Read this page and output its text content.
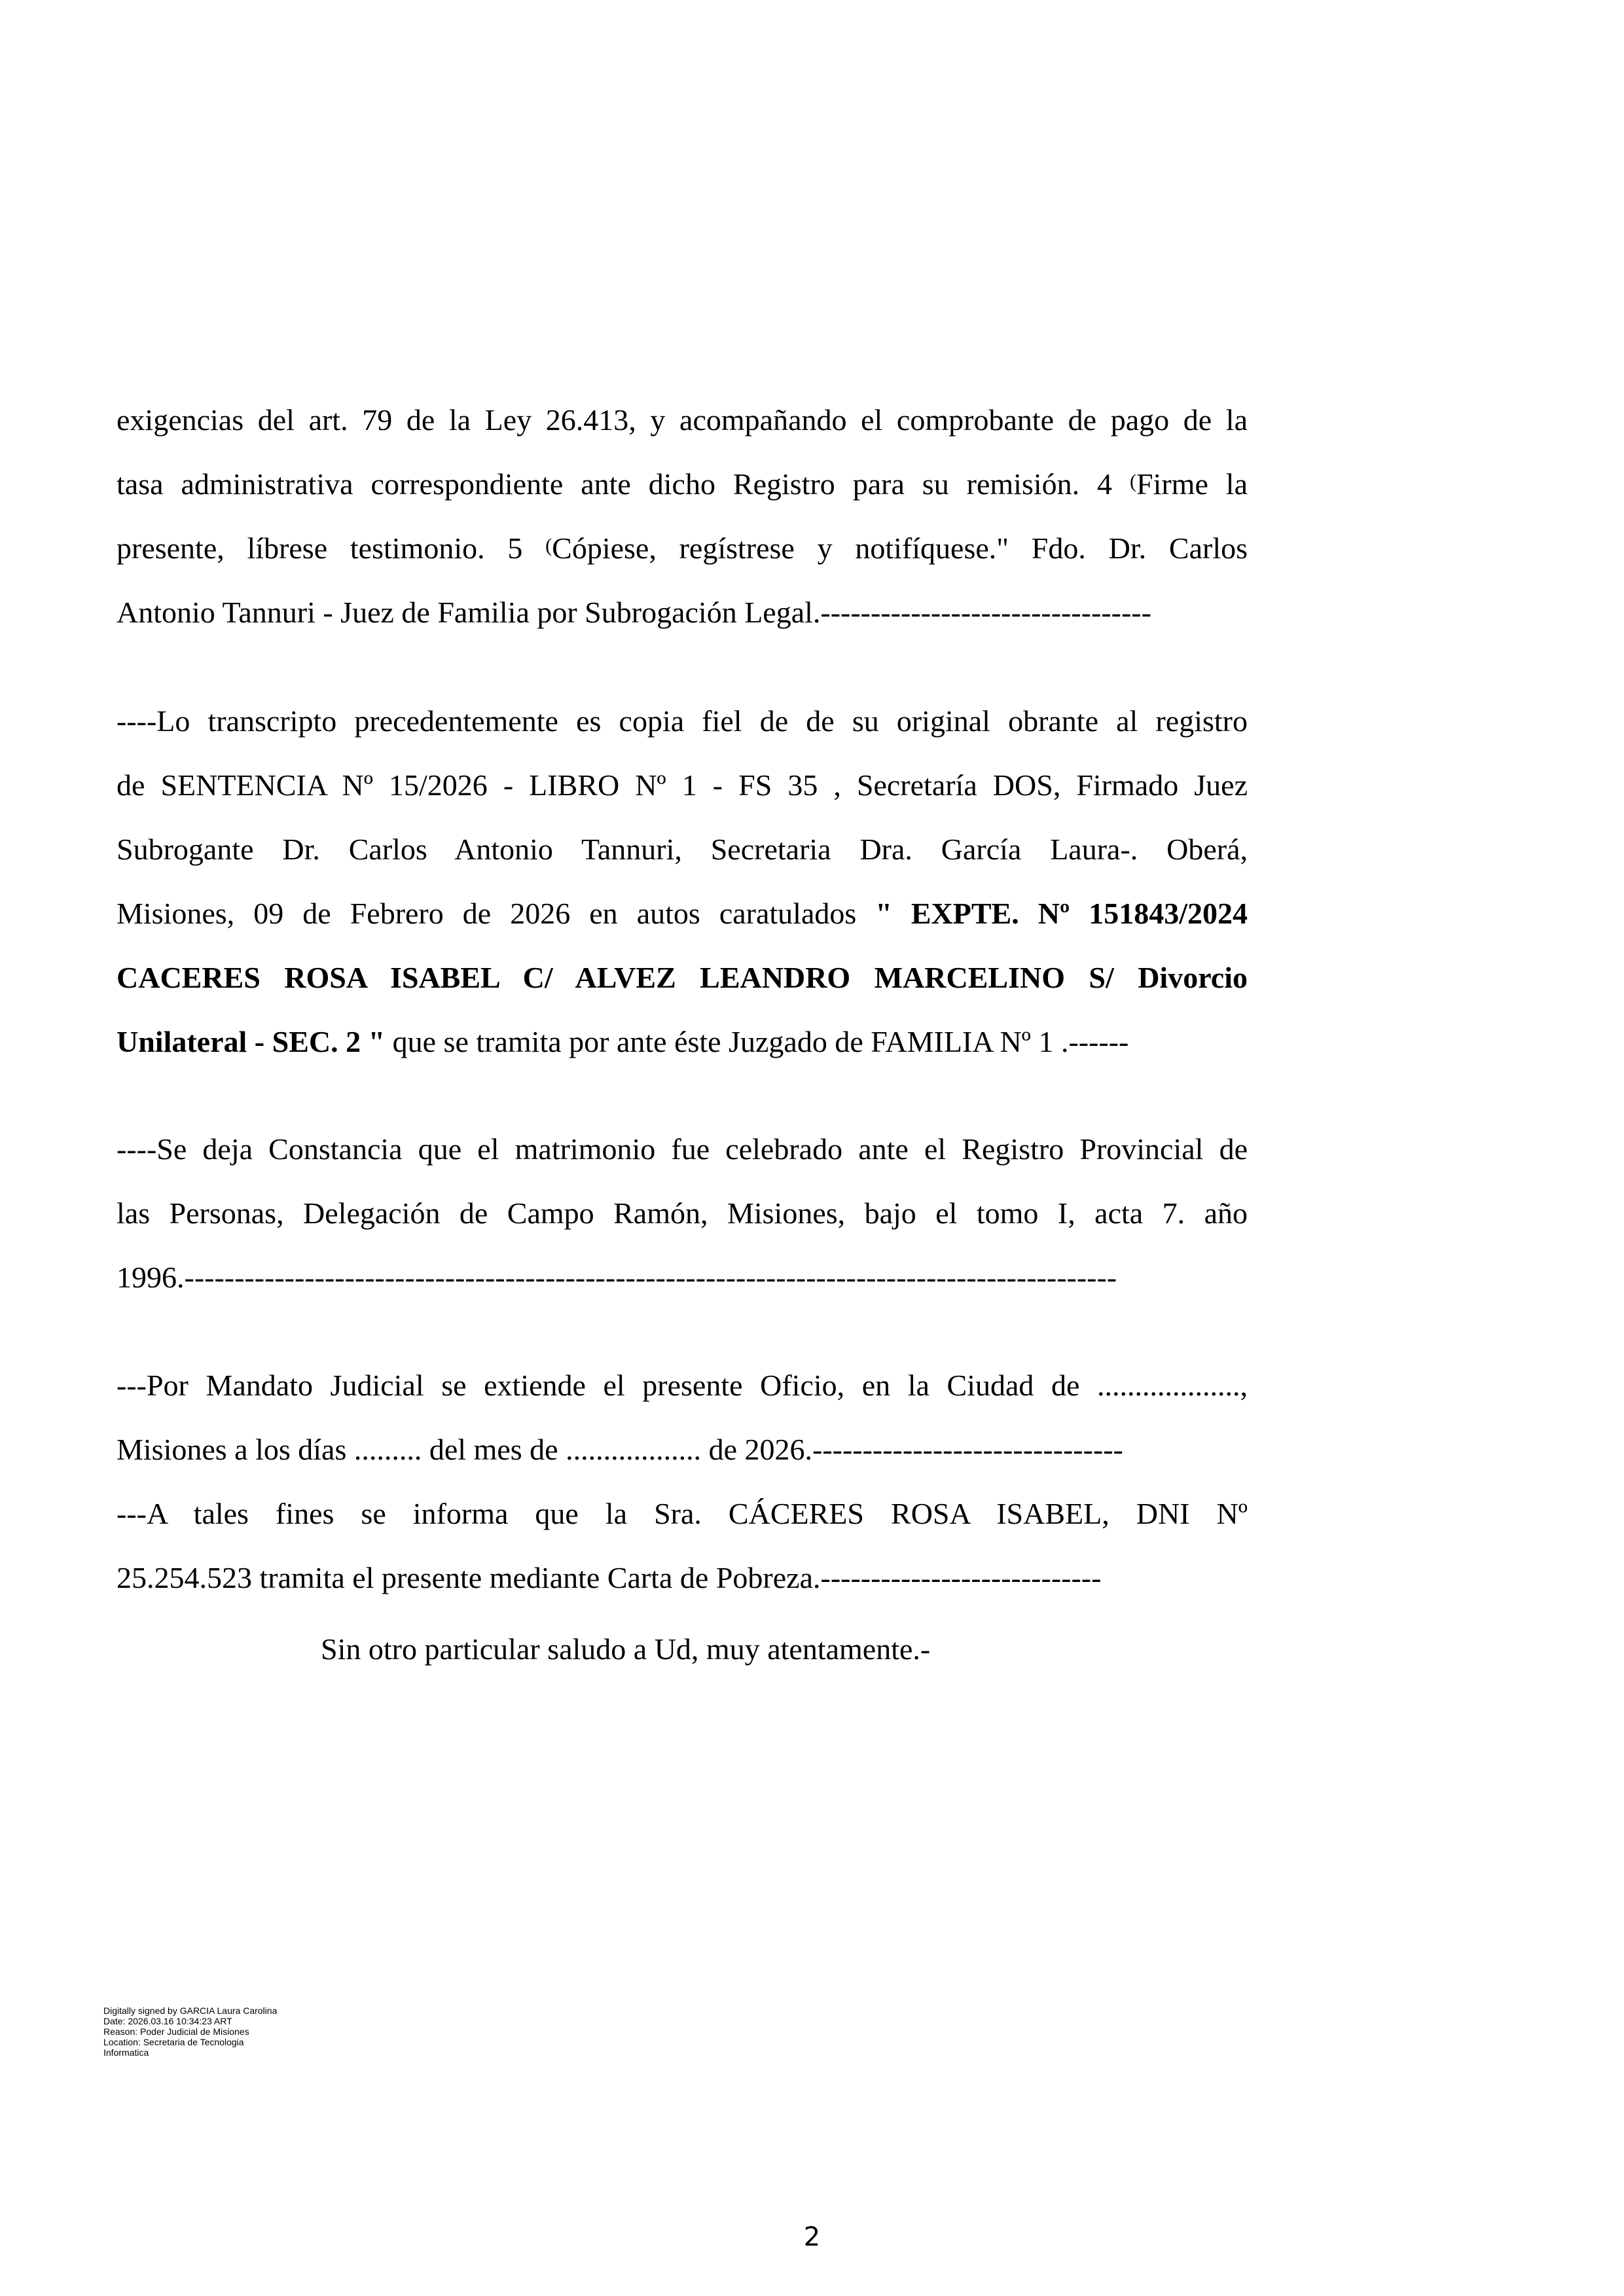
exigencias del art. 79 de la Ley 26.413, y acompañando el comprobante de pago de la
tasa administrativa correspondiente ante dicho Registro para su remisión. 4 (Firme la
presente, líbrese testimonio. 5 (Cópiese, regístrese y notifíquese." Fdo. Dr. Carlos
Antonio Tannuri - Juez de Familia por Subrogación Legal.---------------------------------
----Lo transcripto precedentemente es copia fiel de de su original obrante al registro
de SENTENCIA Nº 15/2026 - LIBRO Nº 1 - FS 35 , Secretaría DOS, Firmado Juez
Subrogante Dr. Carlos Antonio Tannuri, Secretaria Dra. García Laura-. Oberá,
Misiones, 09 de Febrero de 2026 en autos caratulados " EXPTE. Nº 151843/2024
CACERES ROSA ISABEL C/ ALVEZ LEANDRO MARCELINO S/ Divorcio
Unilateral - SEC. 2 " que se tramita por ante éste Juzgado de FAMILIA Nº 1 .------
----Se deja Constancia que el matrimonio fue celebrado ante el Registro Provincial de
las Personas, Delegación de Campo Ramón, Misiones, bajo el tomo I, acta 7. año
1996.---------------------------------------------------------------------------------------------
---Por Mandato Judicial se extiende el presente Oficio, en la Ciudad de ...................,
Misiones a los días ......... del mes de .................. de 2026.-------------------------------
---A tales fines se informa que la Sra. CÁCERES ROSA ISABEL, DNI Nº
25.254.523 tramita el presente mediante Carta de Pobreza.----------------------------
Sin otro particular saludo a Ud, muy atentamente.-
Digitally signed by GARCIA Laura Carolina
Date: 2026.03.16 10:34:23 ART
Reason: Poder Judicial de Misiones
Location: Secretaria de Tecnologia
Informatica
2
